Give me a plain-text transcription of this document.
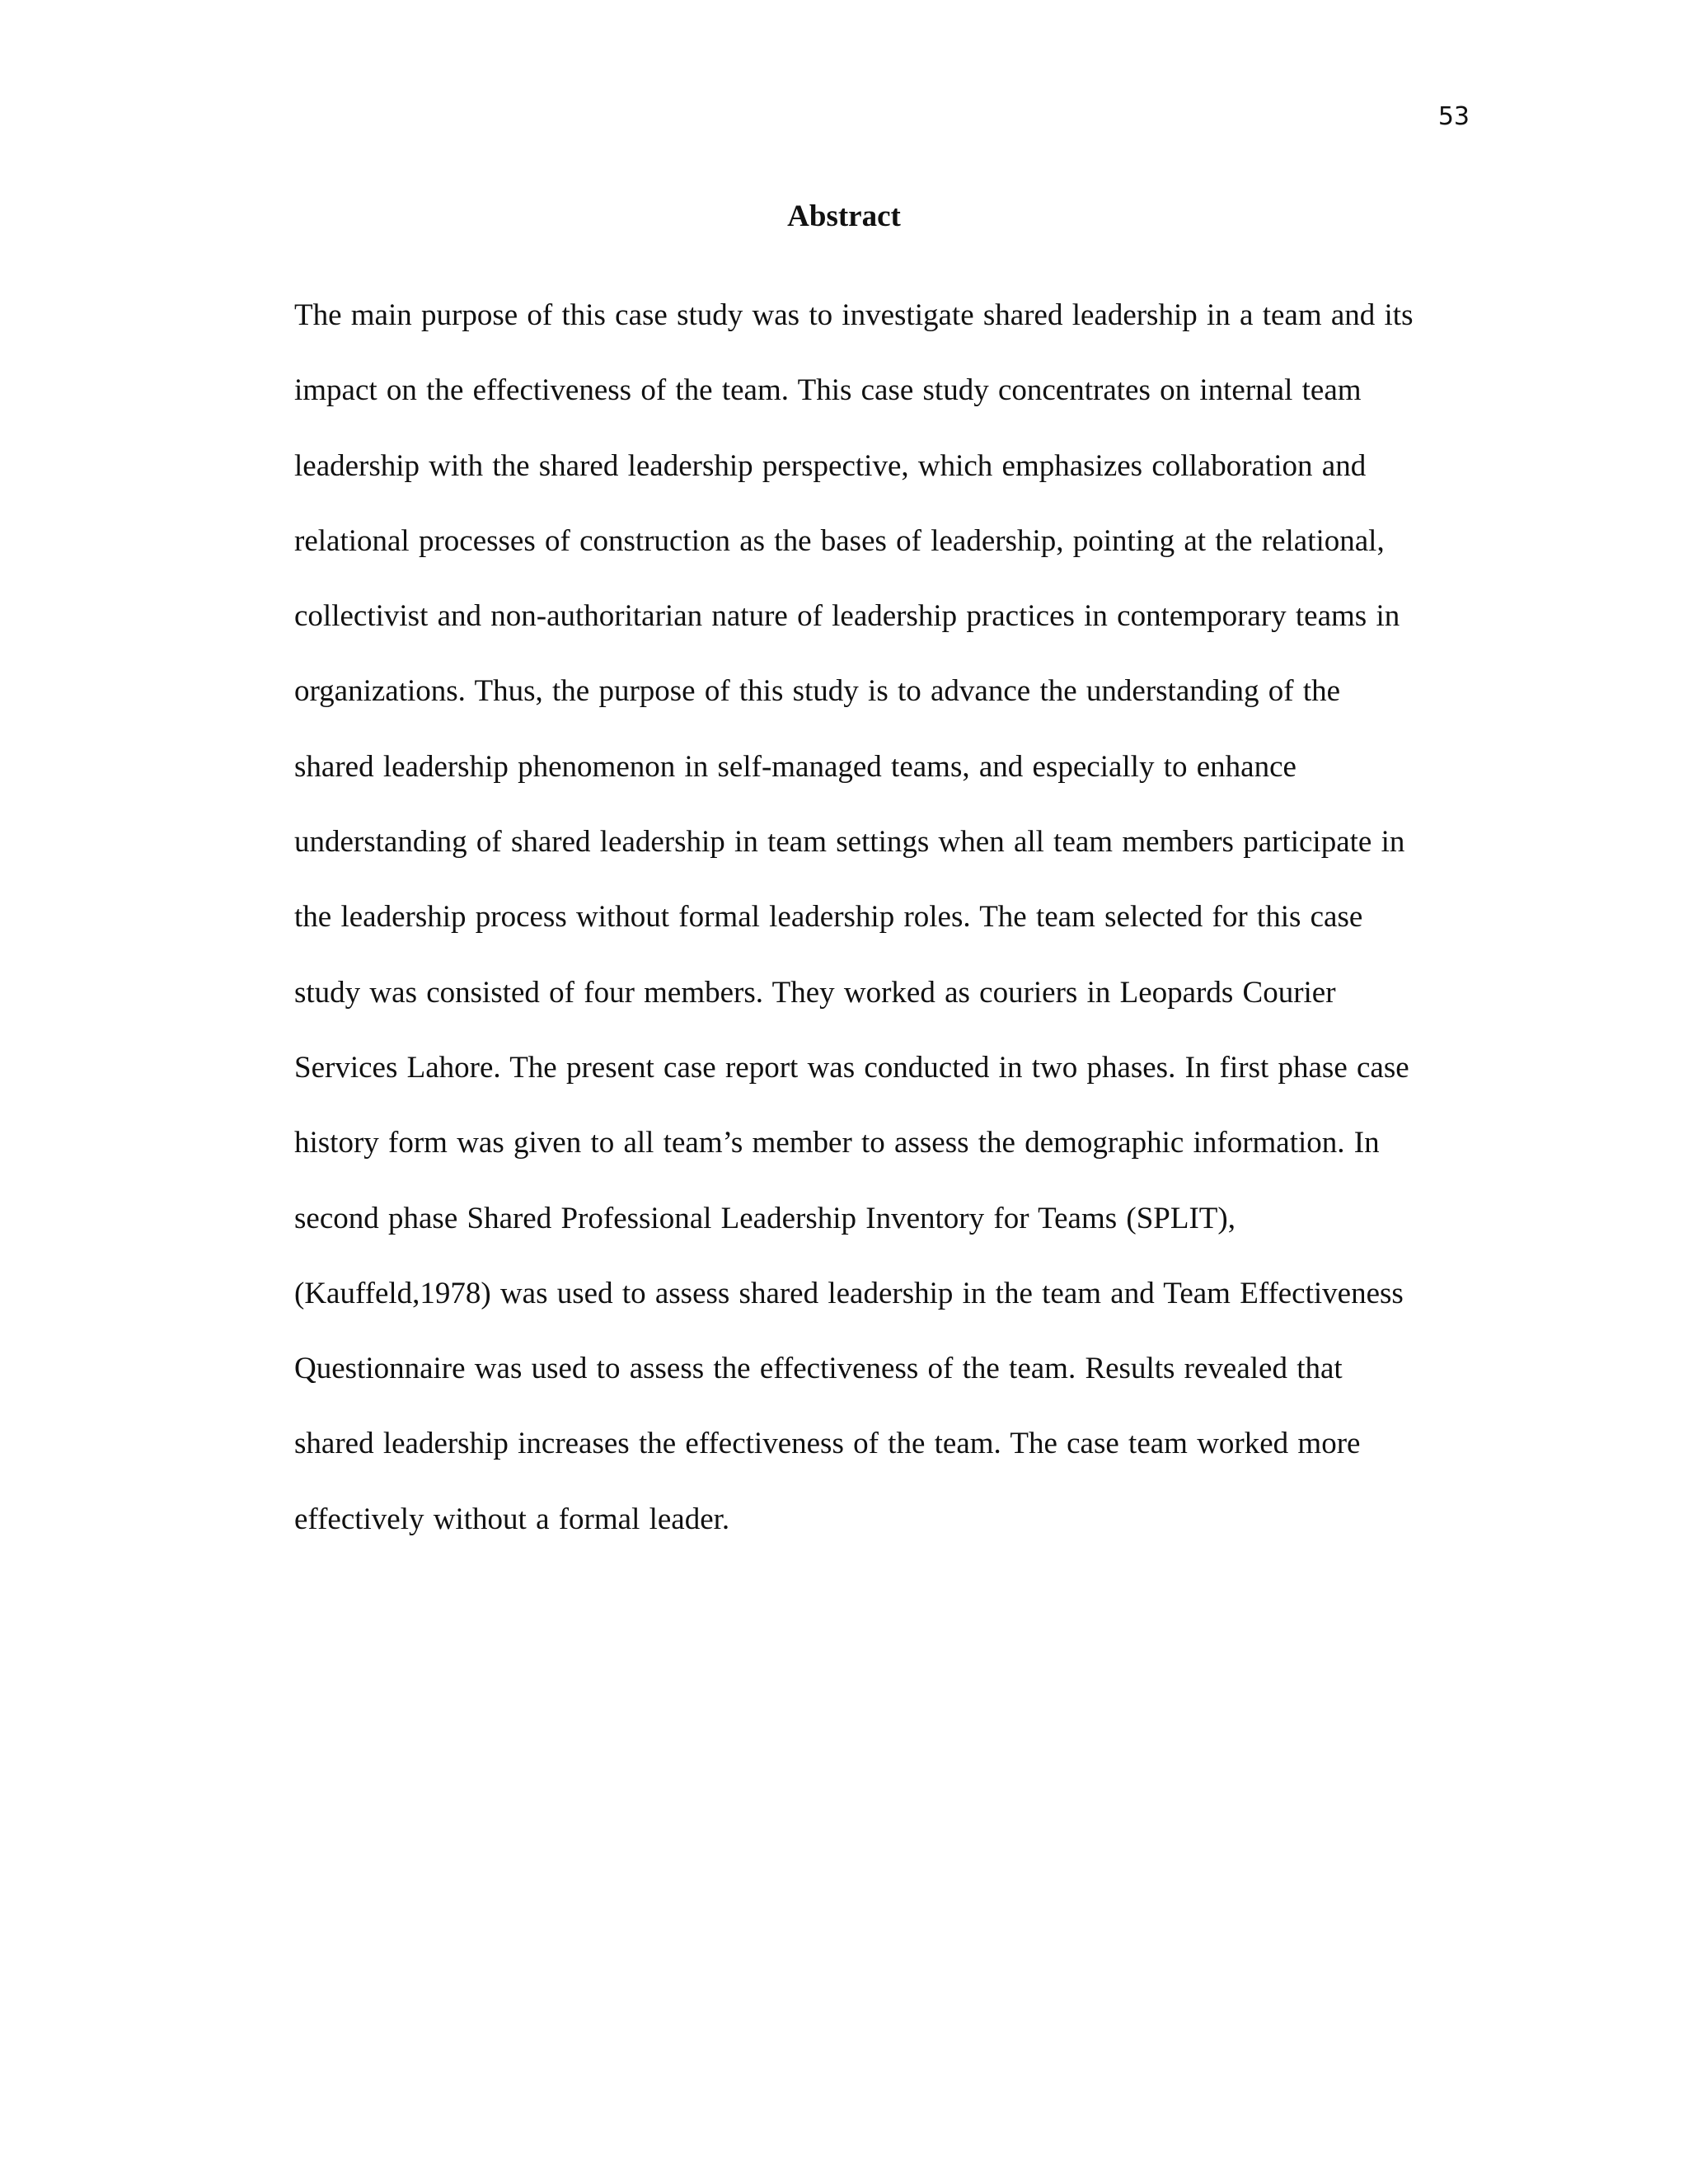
53
Abstract
The main purpose of this case study was to investigate shared leadership in a team and its
impact on the effectiveness of the team. This case study concentrates on internal team
leadership with the shared leadership perspective, which emphasizes collaboration and
relational processes of construction as the bases of leadership, pointing at the relational,
collectivist and non-authoritarian nature of leadership practices in contemporary teams in
organizations. Thus, the purpose of this study is to advance the understanding of the
shared leadership phenomenon in self-managed teams, and especially to enhance
understanding of shared leadership in team settings when all team members participate in
the leadership process without formal leadership roles. The team selected for this case
study was consisted of four members. They worked as couriers in Leopards Courier
Services Lahore. The present case report was conducted in two phases. In first phase case
history form was given to all team’s member to assess the demographic information. In
second phase Shared Professional Leadership Inventory for Teams (SPLIT),
(Kauffeld,1978) was used to assess shared leadership in the team and Team Effectiveness
Questionnaire was used to assess the effectiveness of the team. Results revealed that
shared leadership increases the effectiveness of the team. The case team worked more
effectively without a formal leader.
